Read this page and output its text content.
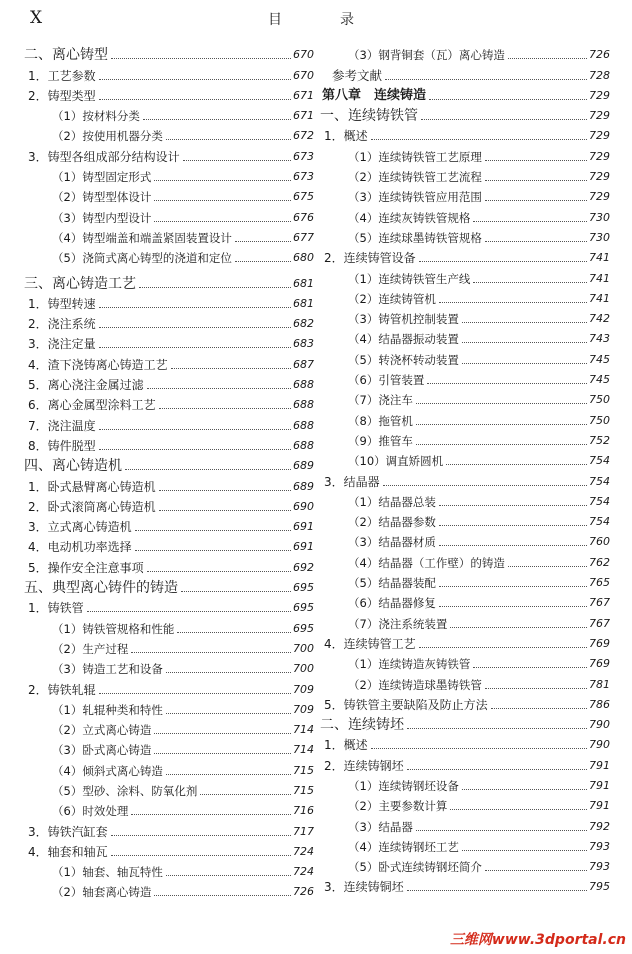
X	目　录
二、离心铸型	670
1．工艺参数	670
2．铸型类型	671
（1）按材料分类	671
（2）按使用机器分类	672
3．铸型各组成部分结构设计	673
（1）铸型固定形式	673
（2）铸型型体设计	675
（3）铸型内型设计	676
（4）铸型端盖和端盖紧固装置设计	677
（5）浇筒式离心铸型的浇道和定位	680
三、离心铸造工艺	681
1．铸型转速	681
2．浇注系统	682
3．浇注定量	683
4．渣下浇铸离心铸造工艺	687
5．离心浇注金属过滤	688
6．离心金属型涂料工艺	688
7．浇注温度	688
8．铸件脱型	688
四、离心铸造机	689
1．卧式悬臂离心铸造机	689
2．卧式滚筒离心铸造机	690
3．立式离心铸造机	691
4．电动机功率选择	691
5．操作安全注意事项	692
五、典型离心铸件的铸造	695
1．铸铁管	695
（1）铸铁管规格和性能	695
（2）生产过程	700
（3）铸造工艺和设备	700
2．铸铁轧辊	709
（1）轧辊种类和特性	709
（2）立式离心铸造	714
（3）卧式离心铸造	714
（4）倾斜式离心铸造	715
（5）型砂、涂料、防氧化剂	715
（6）时效处理	716
3．铸铁汽缸套	717
4．轴套和轴瓦	724
（1）轴套、轴瓦特性	724
（2）轴套离心铸造	726
（3）钢背铜套（瓦）离心铸造	726
参考文献	728
第八章　连续铸造	729
一、连续铸铁管	729
1．概述	729
（1）连续铸铁管工艺原理	729
（2）连续铸铁管工艺流程	729
（3）连续铸铁管应用范围	729
（4）连续灰铸铁管规格	730
（5）连续球墨铸铁管规格	730
2．连续铸管设备	741
（1）连续铸铁管生产线	741
（2）连续铸管机	741
（3）铸管机控制装置	742
（4）结晶器振动装置	743
（5）转浇杯转动装置	745
（6）引管装置	745
（7）浇注车	750
（8）拖管机	750
（9）推管车	752
（10）调直矫圆机	754
3．结晶器	754
（1）结晶器总装	754
（2）结晶器参数	754
（3）结晶器材质	760
（4）结晶器（工作壁）的铸造	762
（5）结晶器装配	765
（6）结晶器修复	767
（7）浇注系统装置	767
4．连续铸管工艺	769
（1）连续铸造灰铸铁管	769
（2）连续铸造球墨铸铁管	781
5．铸铁管主要缺陷及防止方法	786
二、连续铸坯	790
1．概述	790
2．连续铸钢坯	791
（1）连续铸钢坯设备	791
（2）主要参数计算	791
（3）结晶器	792
（4）连续铸钢坯工艺	793
（5）卧式连续铸钢坯简介	793
3．连续铸铜坯	795
三维网www.3dportal.cn
